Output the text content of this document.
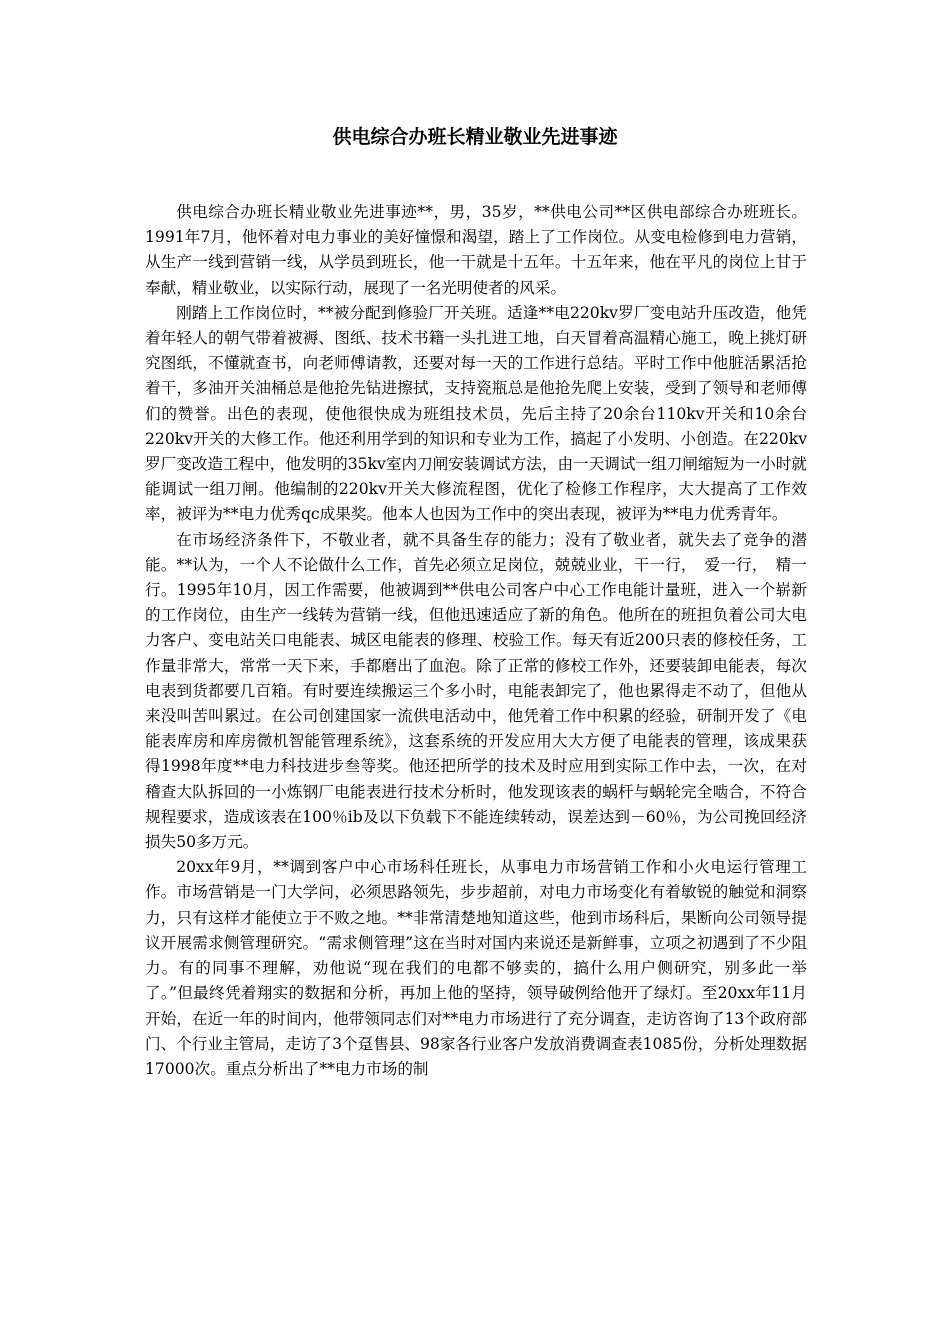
供电综合办班长精业敬业先进事迹

供电综合办班长精业敬业先进事迹**，男，35岁，**供电公司**区供电部综合办班班长。1991年7月，他怀着对电力事业的美好憧憬和渴望，踏上了工作岗位。从变电检修到电力营销，从生产一线到营销一线，从学员到班长，他一干就是十五年。十五年来，他在平凡的岗位上甘于奉献，精业敬业，以实际行动，展现了一名光明使者的风采。

刚踏上工作岗位时，**被分配到修验厂开关班。适逢**电220kv罗厂变电站升压改造，他凭着年轻人的朝气带着被褥、图纸、技术书籍一头扎进工地，白天冒着高温精心施工，晚上挑灯研究图纸，不懂就查书，向老师傅请教，还要对每一天的工作进行总结。平时工作中他脏活累活抢着干，多油开关油桶总是他抢先钻进擦拭，支持瓷瓶总是他抢先爬上安装，受到了领导和老师傅们的赞誉。出色的表现，使他很快成为班组技术员，先后主持了20余台110kv开关和10余台220kv开关的大修工作。他还利用学到的知识和专业为工作，搞起了小发明、小创造。在220kv罗厂变改造工程中，他发明的35kv室内刀闸安装调试方法，由一天调试一组刀闸缩短为一小时就能调试一组刀闸。他编制的220kv开关大修流程图，优化了检修工作程序，大大提高了工作效率，被评为**电力优秀qc成果奖。他本人也因为工作中的突出表现，被评为**电力优秀青年。

在市场经济条件下，不敬业者，就不具备生存的能力；没有了敬业者，就失去了竞争的潜能。**认为，一个人不论做什么工作，首先必须立足岗位，兢兢业业，干一行，　爱一行，　精一行。1995年10月，因工作需要，他被调到**供电公司客户中心工作电能计量班，进入一个崭新的工作岗位，由生产一线转为营销一线，但他迅速适应了新的角色。他所在的班担负着公司大电力客户、变电站关口电能表、城区电能表的修理、校验工作。每天有近200只表的修校任务，工作量非常大，常常一天下来，手都磨出了血泡。除了正常的修校工作外，还要装卸电能表，每次电表到货都要几百箱。有时要连续搬运三个多小时，电能表卸完了，他也累得走不动了，但他从来没叫苦叫累过。在公司创建国家一流供电活动中，他凭着工作中积累的经验，研制开发了《电能表库房和库房微机智能管理系统》，这套系统的开发应用大大方便了电能表的管理，该成果获得1998年度**电力科技进步叁等奖。他还把所学的技术及时应用到实际工作中去，一次，在对稽查大队拆回的一小炼钢厂电能表进行技术分析时，他发现该表的蜗杆与蜗轮完全啮合，不符合规程要求，造成该表在100％ib及以下负载下不能连续转动，误差达到－60％，为公司挽回经济损失50多万元。

20xx年9月，**调到客户中心市场科任班长，从事电力市场营销工作和小火电运行管理工作。市场营销是一门大学问，必须思路领先，步步超前，对电力市场变化有着敏锐的触觉和洞察力，只有这样才能使立于不败之地。**非常清楚地知道这些，他到市场科后，果断向公司领导提议开展需求侧管理研究。“需求侧管理”这在当时对国内来说还是新鲜事，立项之初遇到了不少阻力。有的同事不理解，劝他说“现在我们的电都不够卖的，搞什么用户侧研究，别多此一举了。”但最终凭着翔实的数据和分析，再加上他的坚持，领导破例给他开了绿灯。至20xx年11月开始，在近一年的时间内，他带领同志们对**电力市场进行了充分调查，走访咨询了13个政府部门、个行业主管局，走访了3个趸售县、98家各行业客户发放消费调查表1085份，分析处理数据17000次。重点分析出了**电力市场的制
